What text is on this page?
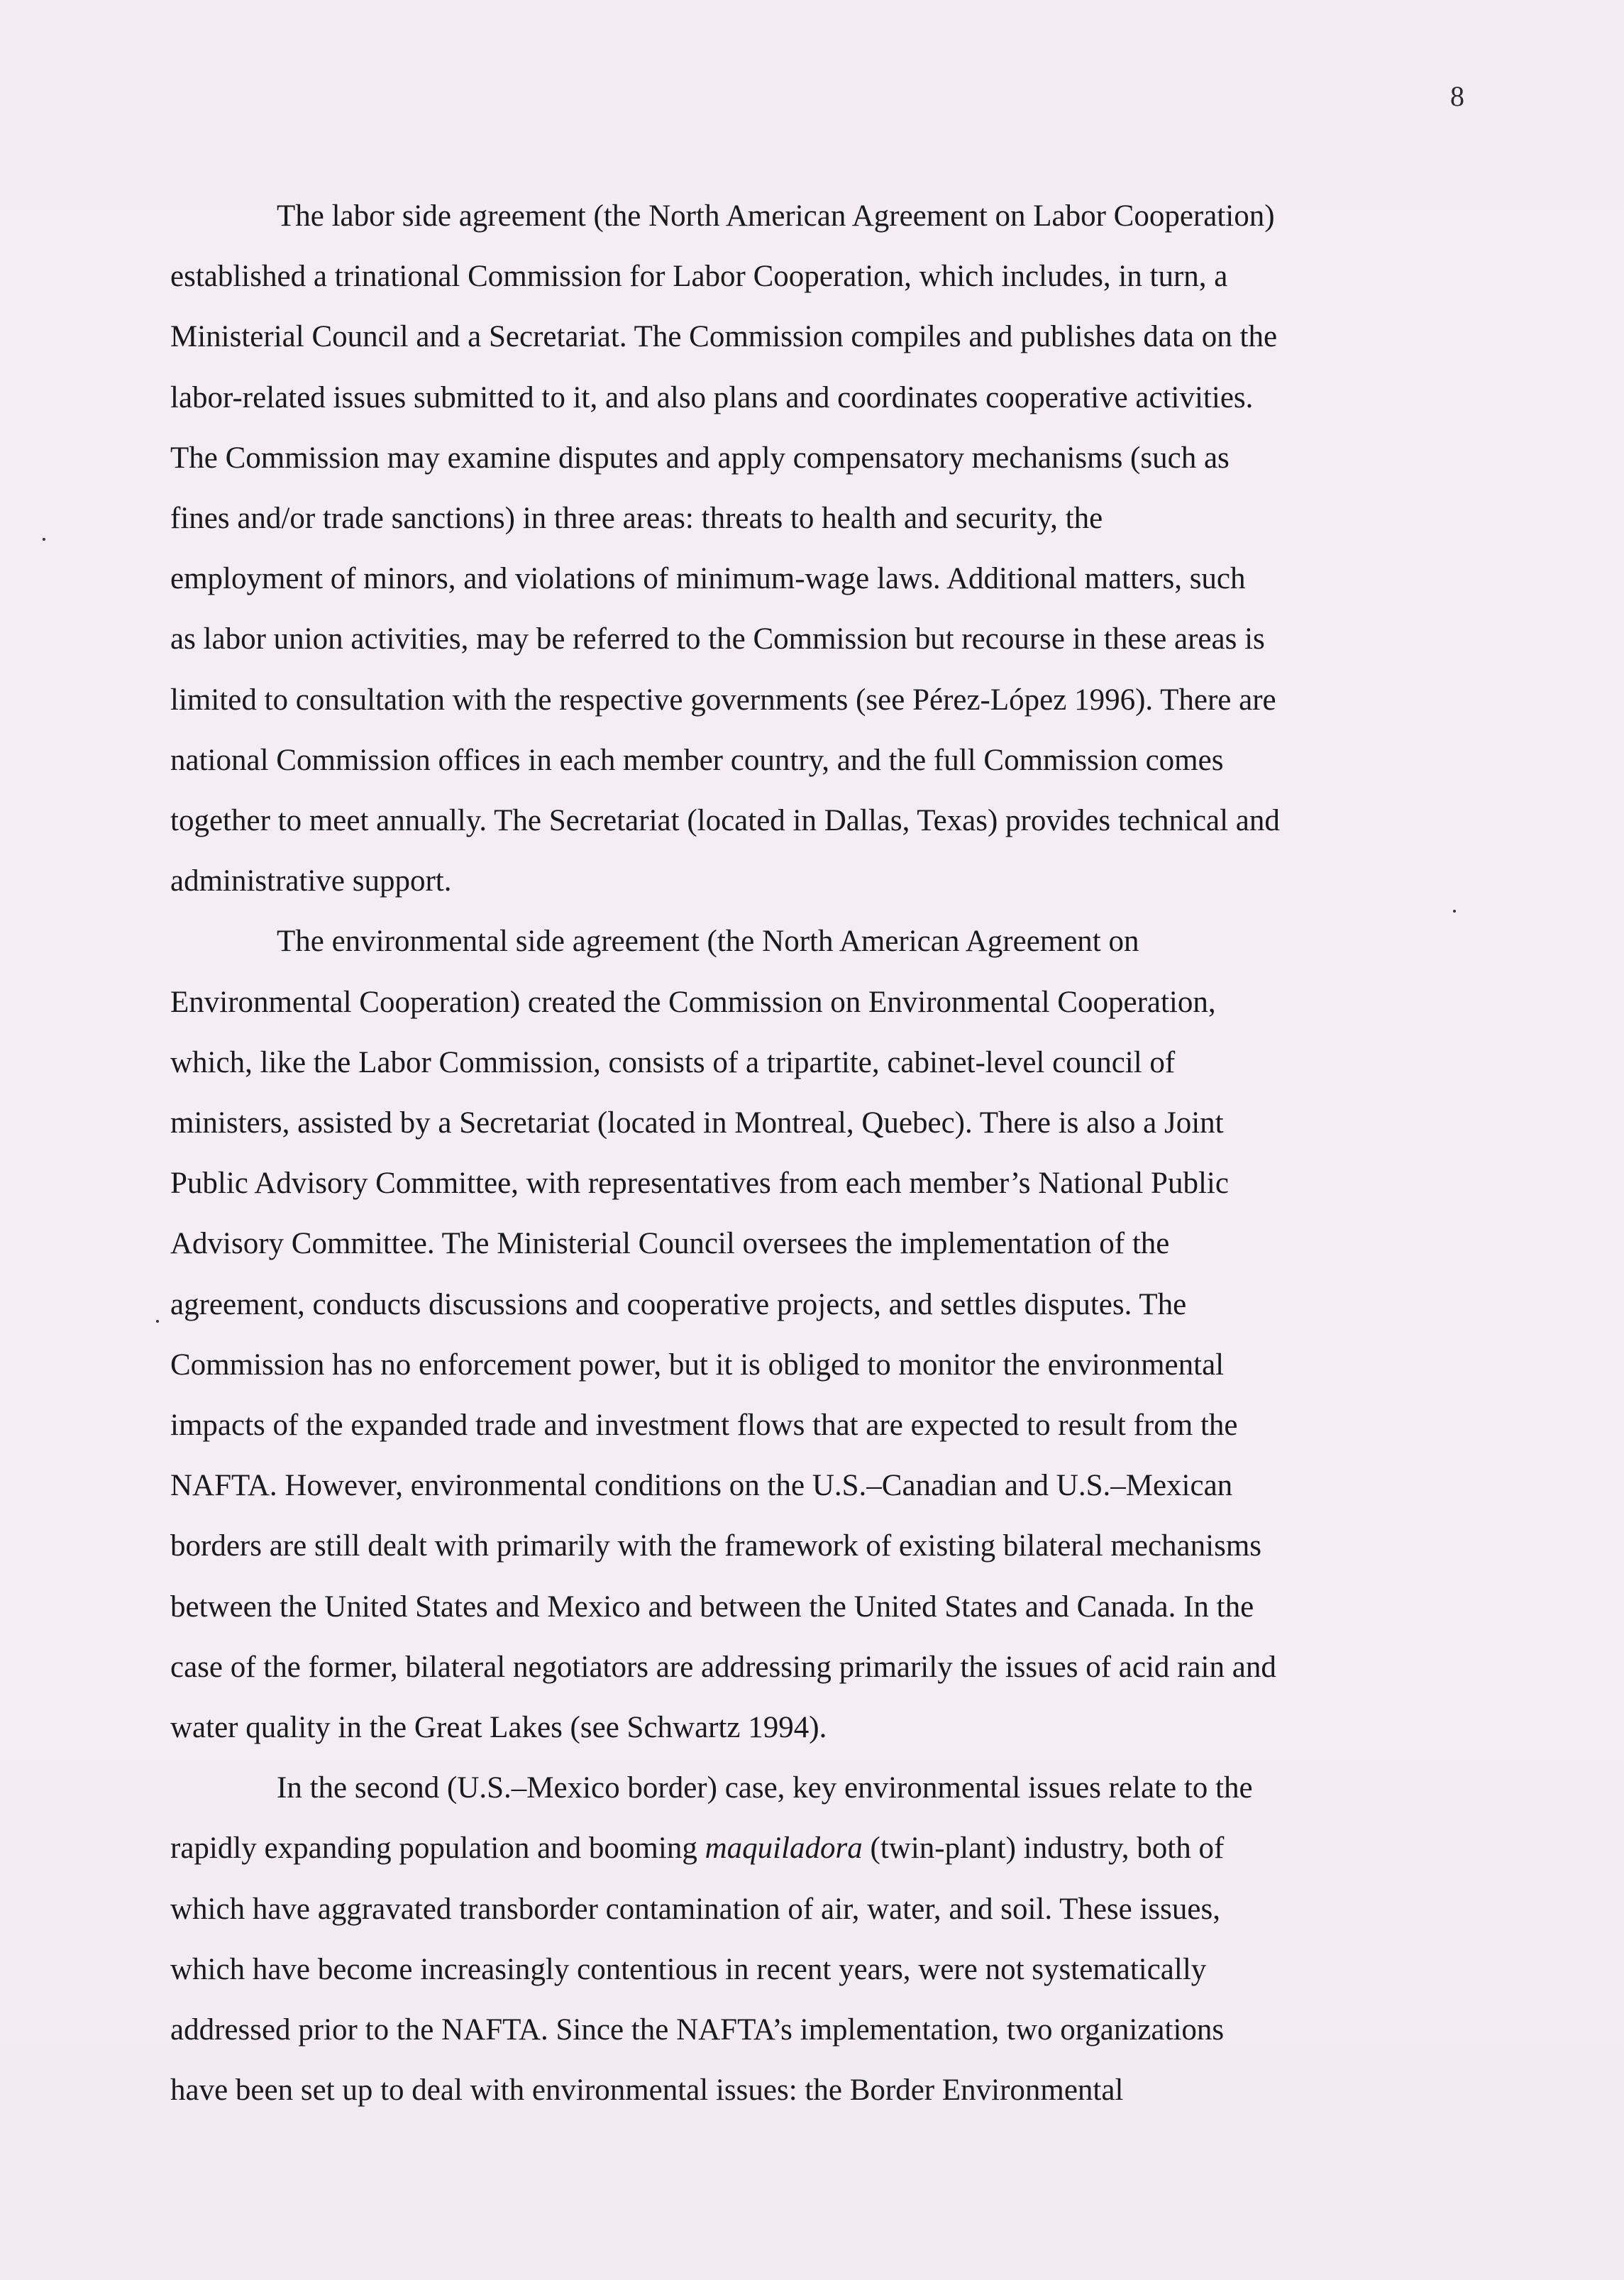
8
The labor side agreement (the North American Agreement on Labor Cooperation)
established a trinational Commission for Labor Cooperation, which includes, in turn, a
Ministerial Council and a Secretariat. The Commission compiles and publishes data on the
labor-related issues submitted to it, and also plans and coordinates cooperative activities.
The Commission may examine disputes and apply compensatory mechanisms (such as
fines and/or trade sanctions) in three areas: threats to health and security, the
employment of minors, and violations of minimum-wage laws. Additional matters, such
as labor union activities, may be referred to the Commission but recourse in these areas is
limited to consultation with the respective governments (see Pérez-López 1996). There are
national Commission offices in each member country, and the full Commission comes
together to meet annually. The Secretariat (located in Dallas, Texas) provides technical and
administrative support.
The environmental side agreement (the North American Agreement on
Environmental Cooperation) created the Commission on Environmental Cooperation,
which, like the Labor Commission, consists of a tripartite, cabinet-level council of
ministers, assisted by a Secretariat (located in Montreal, Quebec). There is also a Joint
Public Advisory Committee, with representatives from each member’s National Public
Advisory Committee. The Ministerial Council oversees the implementation of the
agreement, conducts discussions and cooperative projects, and settles disputes. The
Commission has no enforcement power, but it is obliged to monitor the environmental
impacts of the expanded trade and investment flows that are expected to result from the
NAFTA. However, environmental conditions on the U.S.–Canadian and U.S.–Mexican
borders are still dealt with primarily with the framework of existing bilateral mechanisms
between the United States and Mexico and between the United States and Canada. In the
case of the former, bilateral negotiators are addressing primarily the issues of acid rain and
water quality in the Great Lakes (see Schwartz 1994).
In the second (U.S.–Mexico border) case, key environmental issues relate to the
rapidly expanding population and booming maquiladora (twin-plant) industry, both of
which have aggravated transborder contamination of air, water, and soil. These issues,
which have become increasingly contentious in recent years, were not systematically
addressed prior to the NAFTA. Since the NAFTA’s implementation, two organizations
have been set up to deal with environmental issues: the Border Environmental
